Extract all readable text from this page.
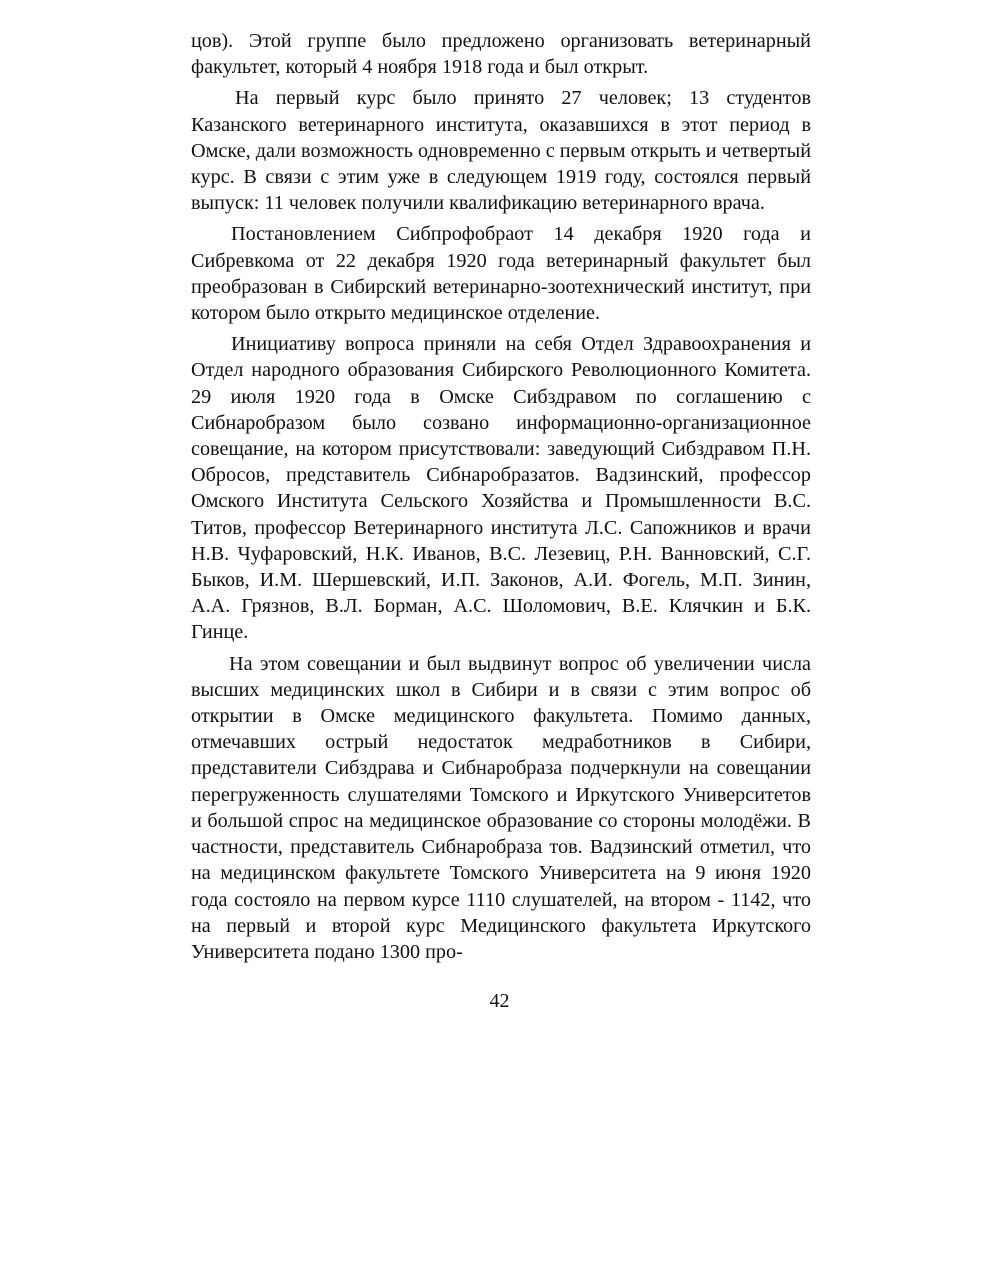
цов). Этой группе было предложено организовать ветеринарный факультет, который 4 ноября 1918 года и был открыт.

На первый курс было принято 27 человек; 13 студентов Казанского ветеринарного института, оказавшихся в этот период в Омске, дали возможность одновременно с первым открыть и четвертый курс. В связи с этим уже в следующем 1919 году, состоялся первый выпуск: 11 человек получили квалификацию ветеринарного врача.

Постановлением Сибпрофобраот 14 декабря 1920 года и Сибревкома от 22 декабря 1920 года ветеринарный факультет был преобразован в Сибирский ветеринарно-зоотехнический институт, при котором было открыто медицинское отделение.

Инициативу вопроса приняли на себя Отдел Здравоохранения и Отдел народного образования Сибирского Революционного Комитета. 29 июля 1920 года в Омске Сибздравом по соглашению с Сибнаробразом было созвано информационно-организационное совещание, на котором присутствовали: заведующий Сибздравом П.Н. Обросов, представитель Сибнаробразатов. Вадзинский, профессор Омского Института Сельского Хозяйства и Промышленности В.С. Титов, профессор Ветеринарного института Л.С. Сапожников и врачи Н.В. Чуфаровский, Н.К. Иванов, В.С. Лезевиц, Р.Н. Ванновский, С.Г. Быков, И.М. Шершевский, И.П. Законов, А.И. Фогель, М.П. Зинин, А.А. Грязнов, В.Л. Борман, А.С. Шоломович, В.Е. Клячкин и Б.К. Гинце.

На этом совещании и был выдвинут вопрос об увеличении числа высших медицинских школ в Сибири и в связи с этим вопрос об открытии в Омске медицинского факультета. Помимо данных, отмечавших острый недостаток медработников в Сибири, представители Сибздрава и Сибнаробраза подчеркнули на совещании перегруженность слушателями Томского и Иркутского Университетов и большой спрос на медицинское образование со стороны молодёжи. В частности, представитель Сибнаробраза тов. Вадзинский отметил, что на медицинском факультете Томского Университета на 9 июня 1920 года состояло на первом курсе 1110 слушателей, на втором - 1142, что на первый и второй курс Медицинского факультета Иркутского Университета подано 1300 про-

42
